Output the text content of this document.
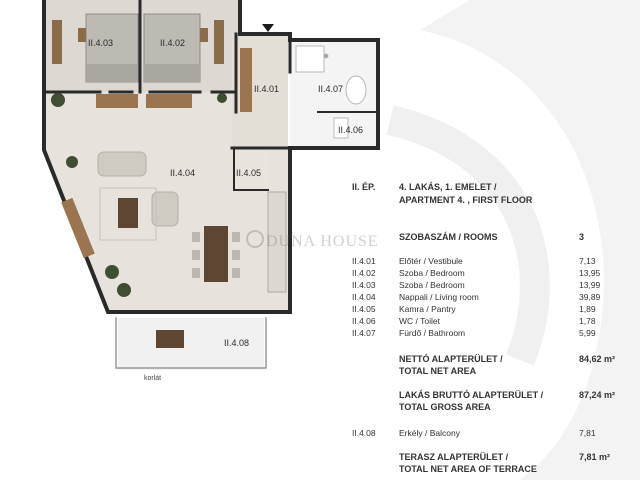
II.4.03	II.4.02
II.4.01	II.4.07
II.4.06
II.4.04	II.4.05
II.4.08
korlát
DUNA HOUSE
II. ÉP.	4. LAKÁS, 1. EMELET /
APARTMENT 4. , FIRST FLOOR
SZOBASZÁM / ROOMS	3
II.4.01	Előtér / Vestibule	7,13
II.4.02	Szoba / Bedroom	13,95
II.4.03	Szoba / Bedroom	13,99
II.4.04	Nappali / Living room	39,89
II.4.05	Kamra / Pantry	1,89
II.4.06	WC / Toilet	1,78
II.4.07	Fürdő / Bathroom	5,99
NETTÓ ALAPTERÜLET /	84,62 m²
TOTAL NET AREA
LAKÁS BRUTTÓ ALAPTERÜLET /	87,24 m²
TOTAL GROSS AREA
II.4.08	Erkély / Balcony	7,81
TERASZ ALAPTERÜLET /	7,81 m²
TOTAL NET AREA OF TERRACE
